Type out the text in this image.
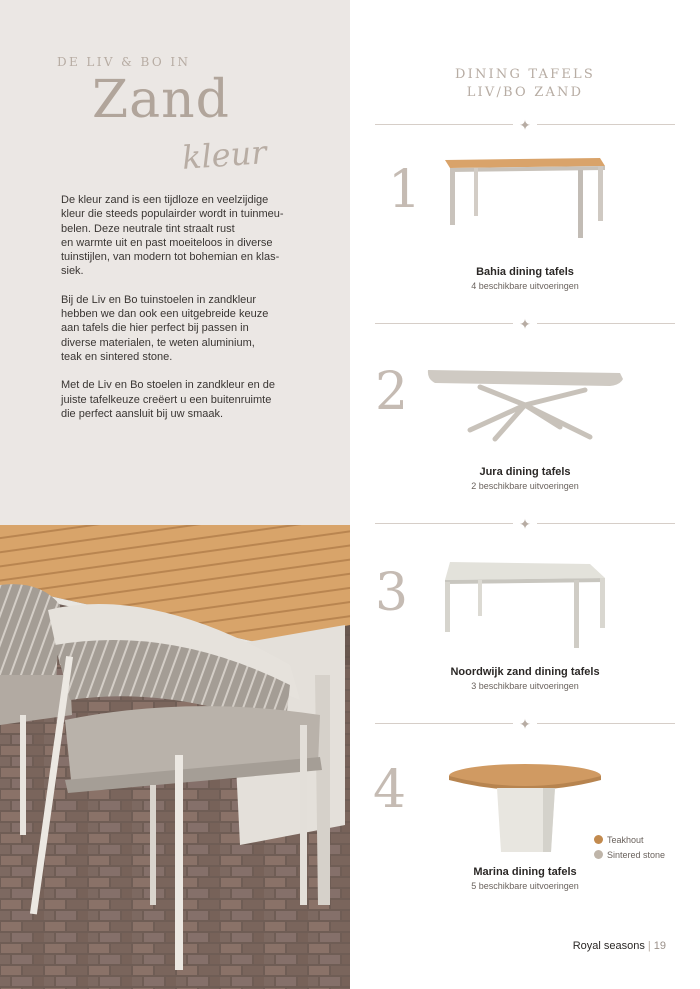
DE LIV & BO IN
Zand
kleur

De kleur zand is een tijdloze en veelzijdige
kleur die steeds populairder wordt in tuinmeu-
belen. Deze neutrale tint straalt rust
en warmte uit en past moeiteloos in diverse
tuinstijlen, van modern tot bohemian en klas-
siek.

Bij de Liv en Bo tuinstoelen in zandkleur
hebben we dan ook een uitgebreide keuze
aan tafels die hier perfect bij passen in
diverse materialen, te weten aluminium,
teak en sintered stone.

Met de Liv en Bo stoelen in zandkleur en de
juiste tafelkeuze creëert u een buitenruimte
die perfect aansluit bij uw smaak.

DINING TAFELS
LIV/BO ZAND
✦
1
Bahia dining tafels
4 beschikbare uitvoeringen
✦
2
Jura dining tafels
2 beschikbare uitvoeringen
✦
3
Noordwijk zand dining tafels
3 beschikbare uitvoeringen
✦
4
Teakhout
Sintered stone
Marina dining tafels
5 beschikbare uitvoeringen
Royal seasons | 19
